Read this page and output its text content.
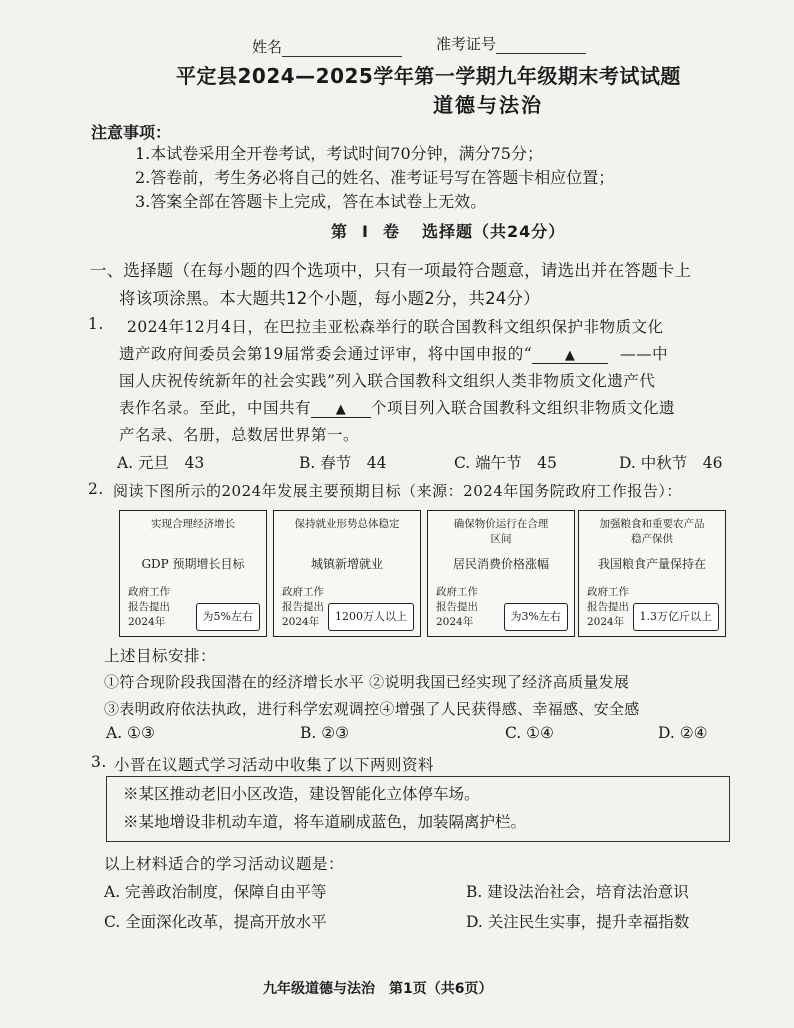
姓名	准考证号
平定县2024—2025学年第一学期九年级期末考试试题
道德与法治
注意事项：
1.本试卷采用全开卷考试，考试时间70分钟，满分75分；
2.答卷前，考生务必将自己的姓名、准考证号写在答题卡相应位置；
3.答案全部在答题卡上完成，答在本试卷上无效。
第 Ⅰ 卷 选择题（共24分）
一、选择题（在每小题的四个选项中，只有一项最符合题意，请选出并在答题卡上
将该项涂黑。本大题共12个小题，每小题2分，共24分）
1. 2024年12月4日，在巴拉圭亚松森举行的联合国教科文组织保护非物质文化
遗产政府间委员会第19届常委会通过评审，将中国申报的“	▲	——中
国人庆祝传统新年的社会实践”列入联合国教科文组织人类非物质文化遗产代
表作名录。至此，中国共有 ▲ 个项目列入联合国教科文组织非物质文化遗
产名录、名册，总数居世界第一。
A. 元旦　43	B. 春节　44	C. 端午节　45	D. 中秋节　46
2. 阅读下图所示的2024年发展主要预期目标（来源：2024年国务院政府工作报告）：
实现合理经济增长
GDP 预期增长目标
政府工作
报告提出
2024年	为5%左右
保持就业形势总体稳定
城镇新增就业
政府工作
报告提出
2024年	1200万人以上
确保物价运行在合理
区间
居民消费价格涨幅
政府工作
报告提出
2024年	为3%左右
加强粮食和重要农产品
稳产保供
我国粮食产量保持在
政府工作
报告提出
2024年	1.3万亿斤以上
上述目标安排：
①符合现阶段我国潜在的经济增长水平 ②说明我国已经实现了经济高质量发展
③表明政府依法执政，进行科学宏观调控④增强了人民获得感、幸福感、安全感
A. ①③	B. ②③	C. ①④	D. ②④
3. 小晋在议题式学习活动中收集了以下两则资料
※某区推动老旧小区改造，建设智能化立体停车场。
※某地增设非机动车道，将车道刷成蓝色，加装隔离护栏。
以上材料适合的学习活动议题是：
A. 完善政治制度，保障自由平等	B. 建设法治社会，培育法治意识
C. 全面深化改革，提高开放水平	D. 关注民生实事，提升幸福指数
九年级道德与法治　第1页（共6页）
